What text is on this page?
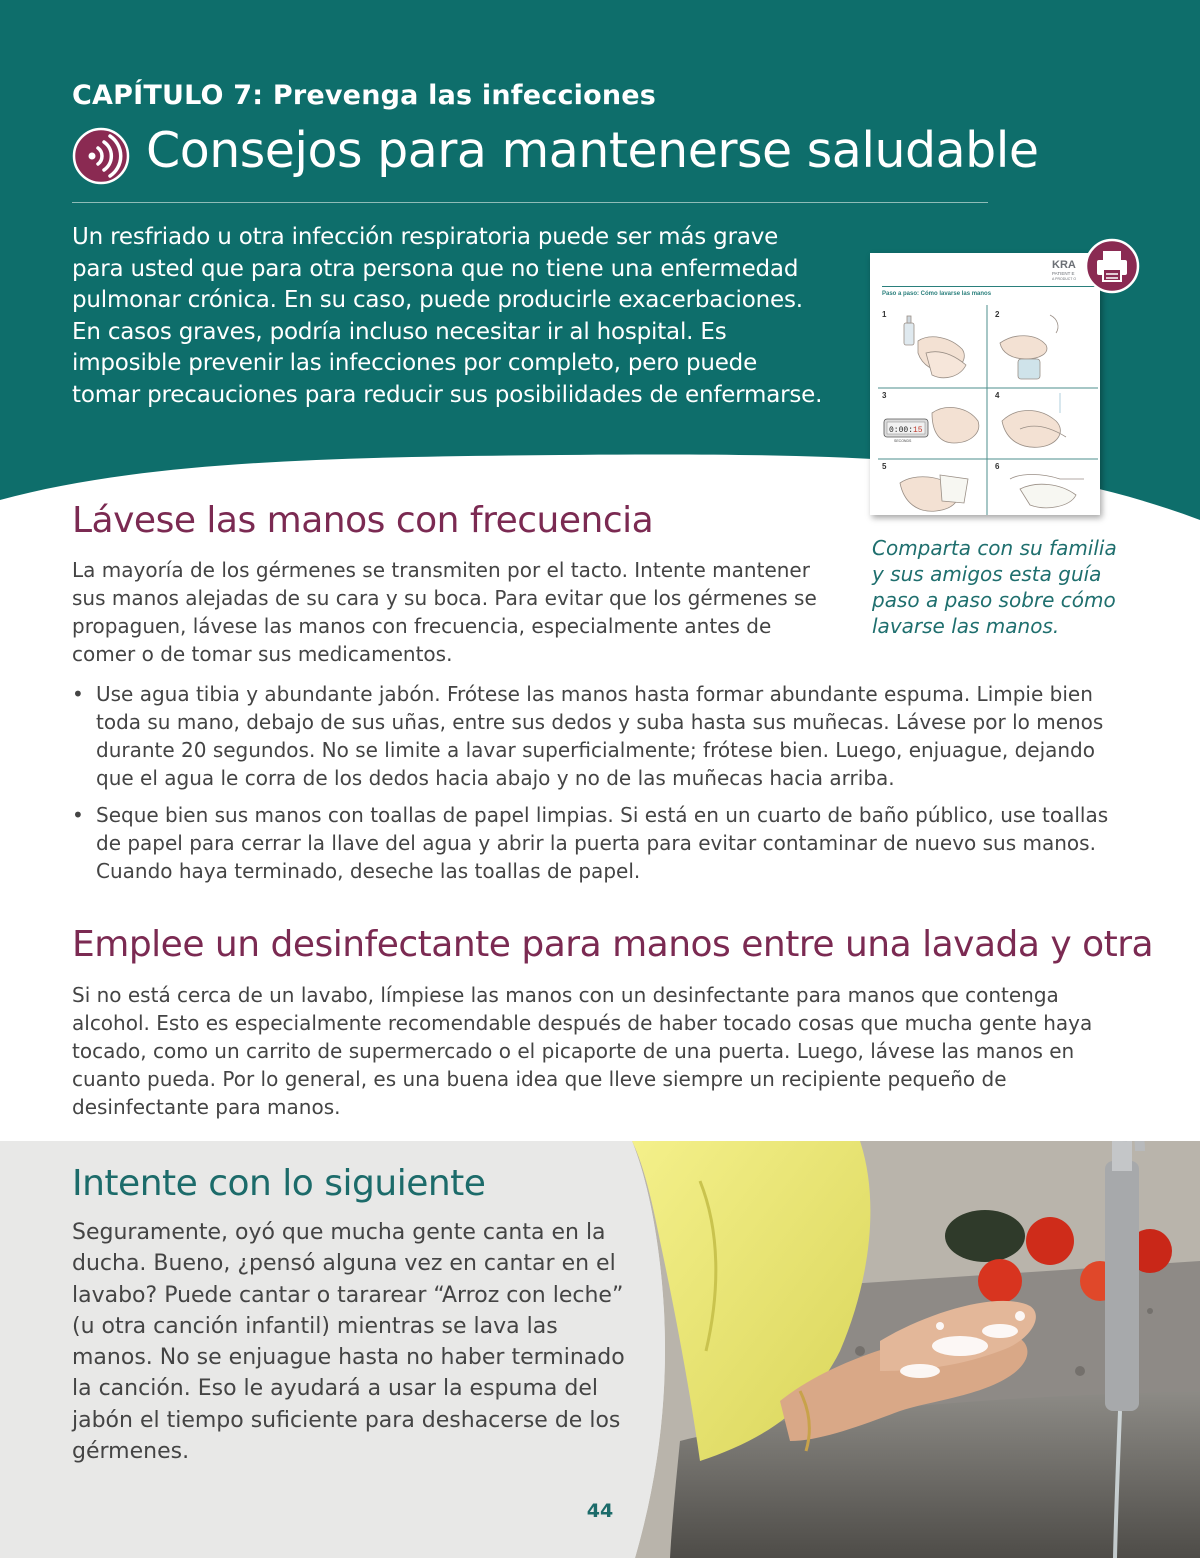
CAPÍTULO 7: Prevenga las infecciones
Consejos para mantenerse saludable

Un resfriado u otra infección respiratoria puede ser más grave para usted que para otra persona que no tiene una enfermedad pulmonar crónica. En su caso, puede producirle exacerbaciones. En casos graves, podría incluso necesitar ir al hospital. Es imposible prevenir las infecciones por completo, pero puede tomar precauciones para reducir sus posibilidades de enfermarse.

KRA
PATIENT E
A PRODUCT O
Paso a paso: Cómo lavarse las manos
1	2
3	4
5	6
0:00: 15
SECONDS

Comparta con su familia y sus amigos esta guía paso a paso sobre cómo lavarse las manos.

Lávese las manos con frecuencia

La mayoría de los gérmenes se transmiten por el tacto. Intente mantener sus manos alejadas de su cara y su boca. Para evitar que los gérmenes se propaguen, lávese las manos con frecuencia, especialmente antes de comer o de tomar sus medicamentos.

• Use agua tibia y abundante jabón. Frótese las manos hasta formar abundante espuma. Limpie bien toda su mano, debajo de sus uñas, entre sus dedos y suba hasta sus muñecas. Lávese por lo menos durante 20 segundos. No se limite a lavar superficialmente; frótese bien. Luego, enjuague, dejando que el agua le corra de los dedos hacia abajo y no de las muñecas hacia arriba.
• Seque bien sus manos con toallas de papel limpias. Si está en un cuarto de baño público, use toallas de papel para cerrar la llave del agua y abrir la puerta para evitar contaminar de nuevo sus manos. Cuando haya terminado, deseche las toallas de papel.
Emplee un desinfectante para manos entre una lavada y otra

Si no está cerca de un lavabo, límpiese las manos con un desinfectante para manos que contenga alcohol. Esto es especialmente recomendable después de haber tocado cosas que mucha gente haya tocado, como un carrito de supermercado o el picaporte de una puerta. Luego, lávese las manos en cuanto pueda. Por lo general, es una buena idea que lleve siempre un recipiente pequeño de desinfectante para manos.

Intente con lo siguiente

Seguramente, oyó que mucha gente canta en la ducha. Bueno, ¿pensó alguna vez en cantar en el lavabo? Puede cantar o tararear “Arroz con leche” (u otra canción infantil) mientras se lava las manos. No se enjuague hasta no haber terminado la canción. Eso le ayudará a usar la espuma del jabón el tiempo suficiente para deshacerse de los gérmenes.

44
